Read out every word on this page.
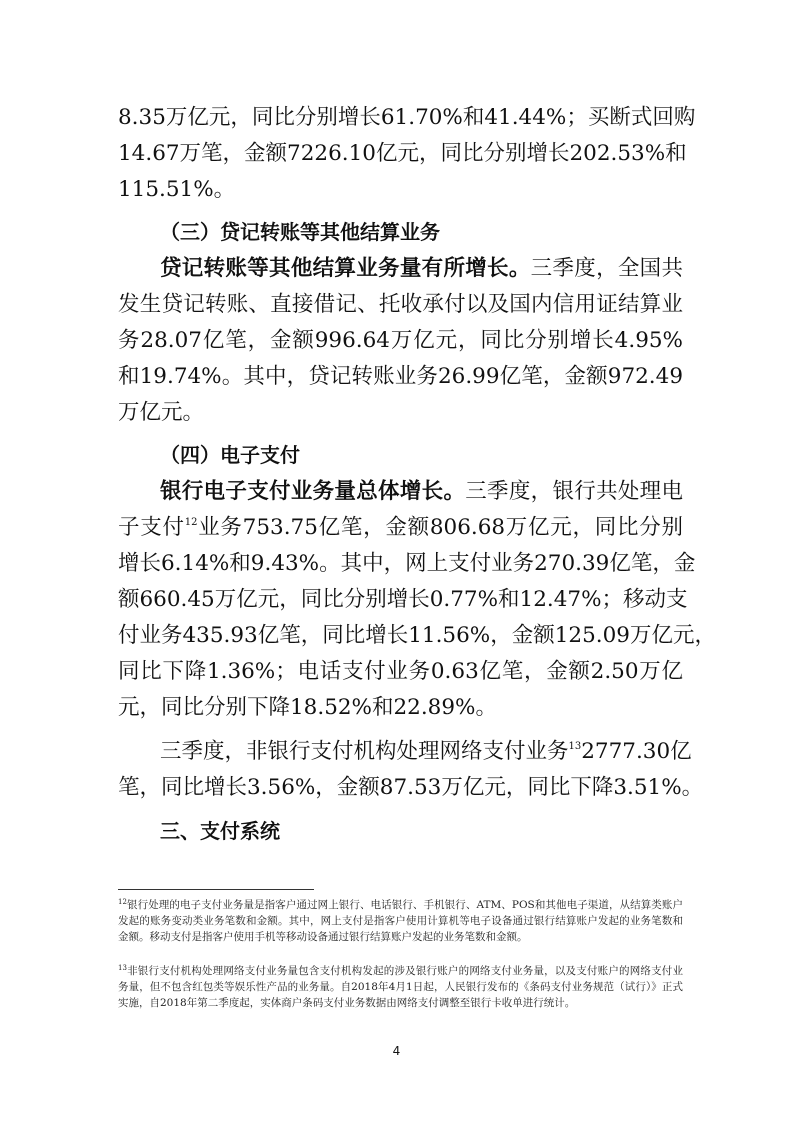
8.35万亿元，同比分别增长61.70%和41.44%；买断式回购
14.67万笔，金额7226.10亿元，同比分别增长202.53%和
115.51%。
（三）贷记转账等其他结算业务
贷记转账等其他结算业务量有所增长。三季度，全国共
发生贷记转账、直接借记、托收承付以及国内信用证结算业
务28.07亿笔，金额996.64万亿元，同比分别增长4.95%
和19.74%。其中，贷记转账业务26.99亿笔，金额972.49
万亿元。
（四）电子支付
银行电子支付业务量总体增长。三季度，银行共处理电
子支付$^{12}$业务753.75亿笔，金额806.68万亿元，同比分别
增长6.14%和9.43%。其中，网上支付业务270.39亿笔，金
额660.45万亿元，同比分别增长0.77%和12.47%；移动支
付业务435.93亿笔，同比增长11.56%，金额125.09万亿元，
同比下降1.36%；电话支付业务0.63亿笔，金额2.50万亿
元，同比分别下降18.52%和22.89%。
三季度，非银行支付机构处理网络支付业务$^{13}$2777.30亿
笔，同比增长3.56%，金额87.53万亿元，同比下降3.51%。
三、支付系统
$^{12}$银行处理的电子支付业务量是指客户通过网上银行、电话银行、手机银行、ATM、POS和其他电子渠道，从结算类账户发起的账务变动类业务笔数和金额。其中，网上支付是指客户使用计算机等电子设备通过银行结算账户发起的业务笔数和金额。移动支付是指客户使用手机等移动设备通过银行结算账户发起的业务笔数和金额。
$^{13}$非银行支付机构处理网络支付业务量包含支付机构发起的涉及银行账户的网络支付业务量，以及支付账户的网络支付业务量，但不包含红包类等娱乐性产品的业务量。自2018年4月1日起，人民银行发布的《条码支付业务规范（试行）》正式实施，自2018年第二季度起，实体商户条码支付业务数据由网络支付调整至银行卡收单进行统计。
4
